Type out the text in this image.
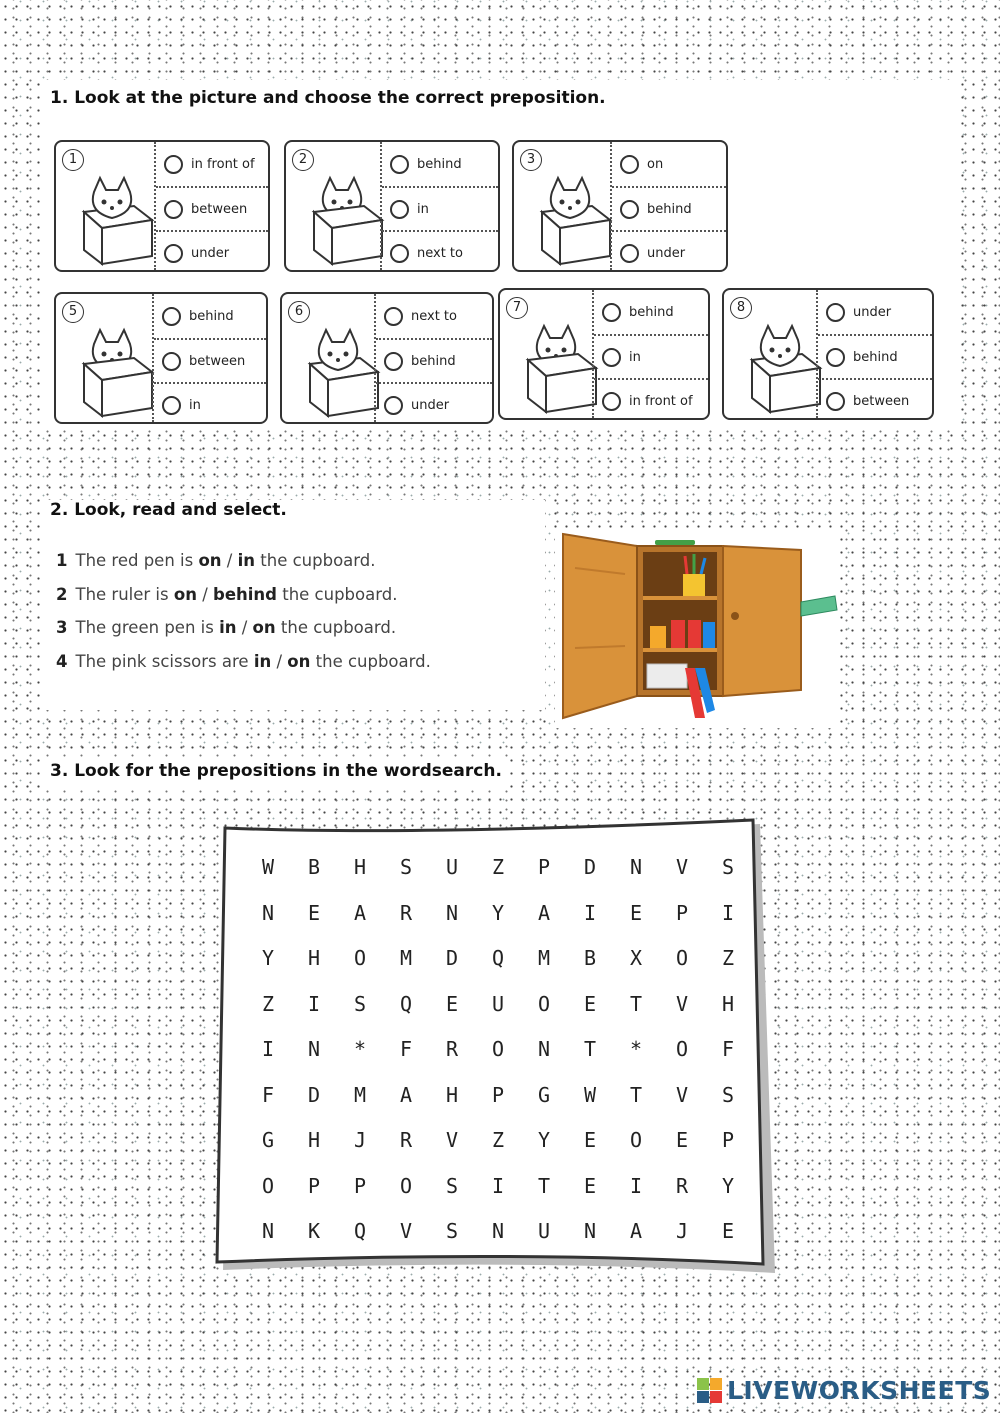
1. Look at the picture and choose the correct preposition.
1	in front of
between
under
2	behind
in
next to
3	on
behind
under
5	behind
between
in
6	next to
behind
under
7	behind
in
in front of
8	under
behind
between
2. Look, read and select.
1 The red pen is on / in the cupboard.
2 The ruler is on / behind the cupboard.
3 The green pen is in / on the cupboard.
4 The pink scissors are in / on the cupboard.
3. Look for the prepositions in the wordsearch.
W	B	H	S	U	Z	P	D	N	V	S
N	E	A	R	N	Y	A	I	E	P	I
Y	H	O	M	D	Q	M	B	X	O	Z
Z	I	S	Q	E	U	O	E	T	V	H
I	N	*	F	R	O	N	T	*	O	F
F	D	M	A	H	P	G	W	T	V	S
G	H	J	R	V	Z	Y	E	O	E	P
O	P	P	O	S	I	T	E	I	R	Y
N	K	Q	V	S	N	U	N	A	J	E
LIVEWORKSHEETS
